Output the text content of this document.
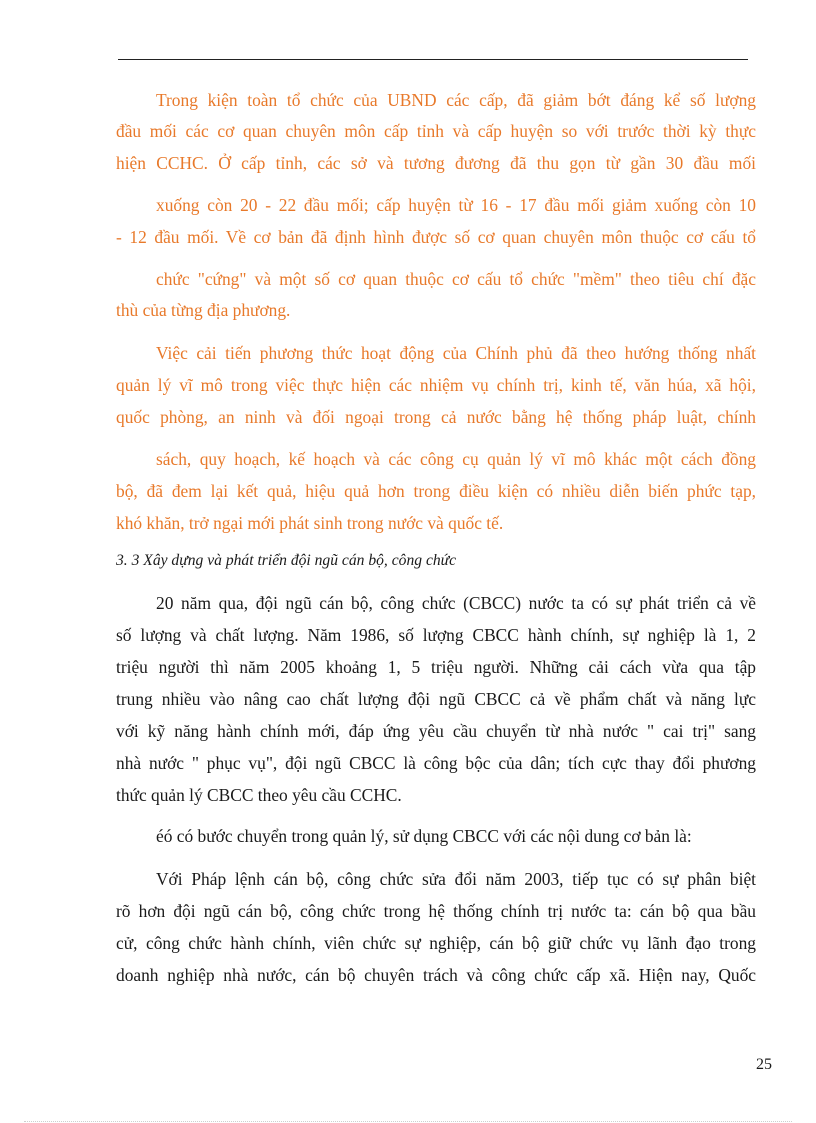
Trong kiện toàn tổ chức của UBND các cấp, đã giảm bớt đáng kể số lượng
đầu mối các cơ quan chuyên môn cấp tỉnh và cấp huyện so với trước thời kỳ thực
hiện CCHC. Ở cấp tỉnh, các sở và tương đương đã thu gọn từ gần 30 đầu mối
xuống còn 20 - 22 đầu mối; cấp huyện từ 16 - 17 đầu mối giảm xuống còn 10
- 12 đầu mối. Về cơ bản đã định hình được số cơ quan chuyên môn thuộc cơ cấu tổ
chức "cứng" và một số cơ quan thuộc cơ cấu tổ chức "mềm" theo tiêu chí đặc
thù của từng địa phương.
Việc cải tiến phương thức hoạt động của Chính phủ đã theo hướng thống nhất
quản lý vĩ mô trong việc thực hiện các nhiệm vụ chính trị, kinh tế, văn húa, xã hội,
quốc phòng, an ninh và đối ngoại trong cả nước bằng hệ thống pháp luật, chính
sách, quy hoạch, kế hoạch và các công cụ quản lý vĩ mô khác một cách đồng
bộ, đã đem lại kết quả, hiệu quả hơn trong điều kiện có nhiều diễn biến phức tạp,
khó khăn, trở ngại mới phát sinh trong nước và quốc tế.
3. 3 Xây dựng và phát triển đội ngũ cán bộ, công chức
20 năm qua, đội ngũ cán bộ, công chức (CBCC) nước ta có sự phát triển cả về
số lượng và chất lượng. Năm 1986, số lượng CBCC hành chính, sự nghiệp là 1, 2
triệu người thì năm 2005 khoảng 1, 5 triệu người. Những cải cách vừa qua tập
trung nhiều vào nâng cao chất lượng đội ngũ CBCC cả về phẩm chất và năng lực
với kỹ năng hành chính mới, đáp ứng yêu cầu chuyển từ nhà nước " cai trị" sang
nhà nước " phục vụ", đội ngũ CBCC là công bộc của dân; tích cực thay đổi phương
thức quản lý CBCC theo yêu cầu CCHC.
éó có bước chuyển trong quản lý, sử dụng CBCC với các nội dung cơ bản là:
Với Pháp lệnh cán bộ, công chức sửa đổi năm 2003, tiếp tục có sự phân biệt
rõ hơn đội ngũ cán bộ, công chức trong hệ thống chính trị nước ta: cán bộ qua bầu
cử, công chức hành chính, viên chức sự nghiệp, cán bộ giữ chức vụ lãnh đạo trong
doanh nghiệp nhà nước, cán bộ chuyên trách và công chức cấp xã. Hiện nay, Quốc
25
